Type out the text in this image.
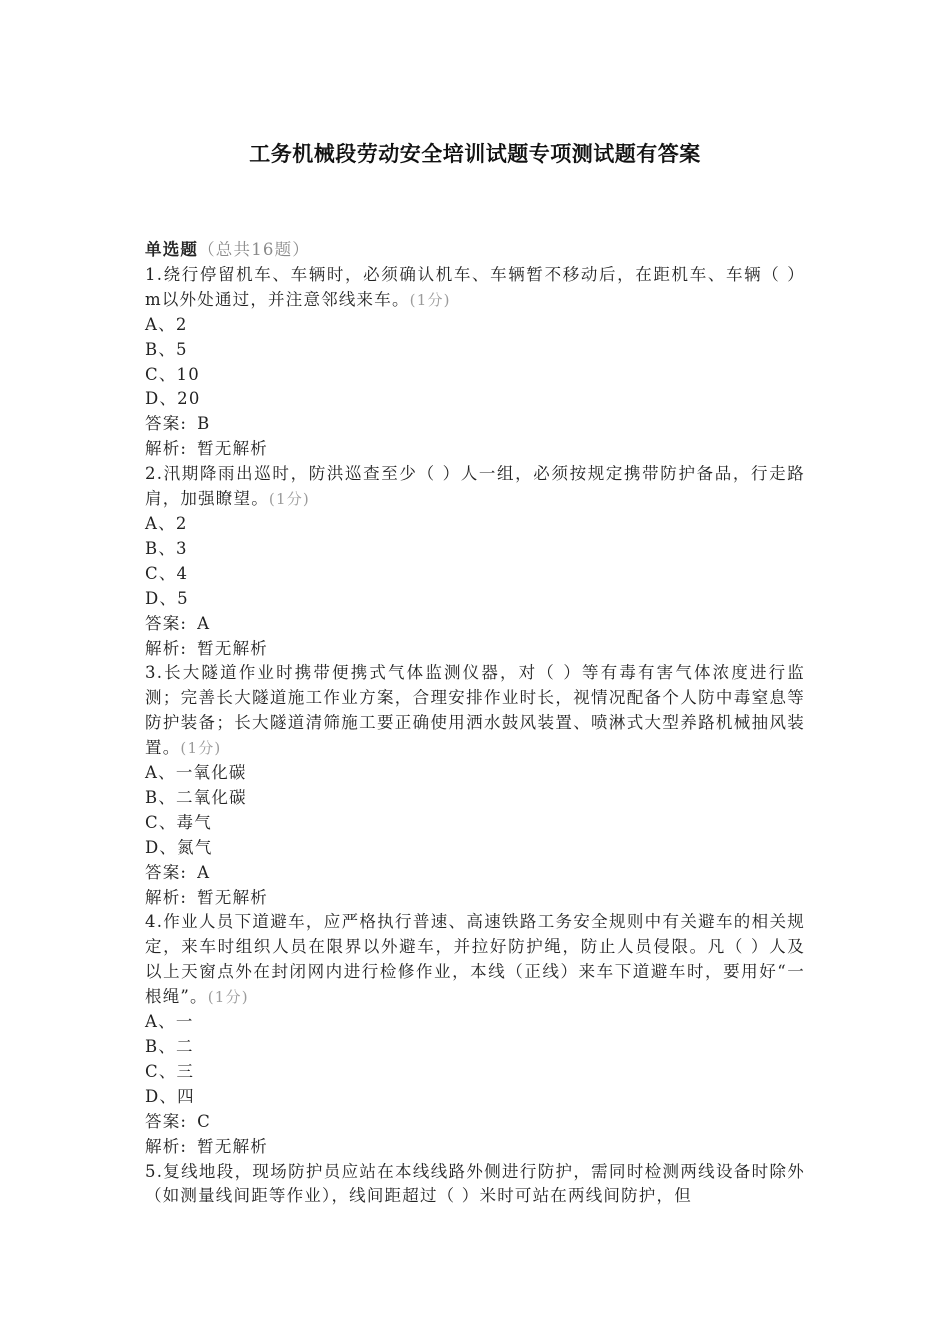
工务机械段劳动安全培训试题专项测试题有答案
单选题（总共16题）
1.绕行停留机车、车辆时，必须确认机车、车辆暂不移动后，在距机车、车辆（ ） m以外处通过，并注意邻线来车。(1分)
A、2
B、5
C、10
D、20
答案: B
解析: 暂无解析
2.汛期降雨出巡时，防洪巡查至少（ ）人一组，必须按规定携带防护备品，行走路肩，加强瞭望。(1分)
A、2
B、3
C、4
D、5
答案: A
解析: 暂无解析
3.长大隧道作业时携带便携式气体监测仪器，对（ ）等有毒有害气体浓度进行监测；完善长大隧道施工作业方案，合理安排作业时长，视情况配备个人防中毒窒息等防护装备；长大隧道清筛施工要正确使用洒水鼓风装置、喷淋式大型养路机械抽风装置。(1分)
A、一氧化碳
B、二氧化碳
C、毒气
D、氮气
答案: A
解析: 暂无解析
4.作业人员下道避车，应严格执行普速、高速铁路工务安全规则中有关避车的相关规定，来车时组织人员在限界以外避车，并拉好防护绳，防止人员侵限。凡（ ）人及以上天窗点外在封闭网内进行检修作业，本线（正线）来车下道避车时，要用好“一根绳”。(1分)
A、一
B、二
C、三
D、四
答案: C
解析: 暂无解析
5.复线地段，现场防护员应站在本线线路外侧进行防护，需同时检测两线设备时除外（如测量线间距等作业），线间距超过（ ）米时可站在两线间防护，但
